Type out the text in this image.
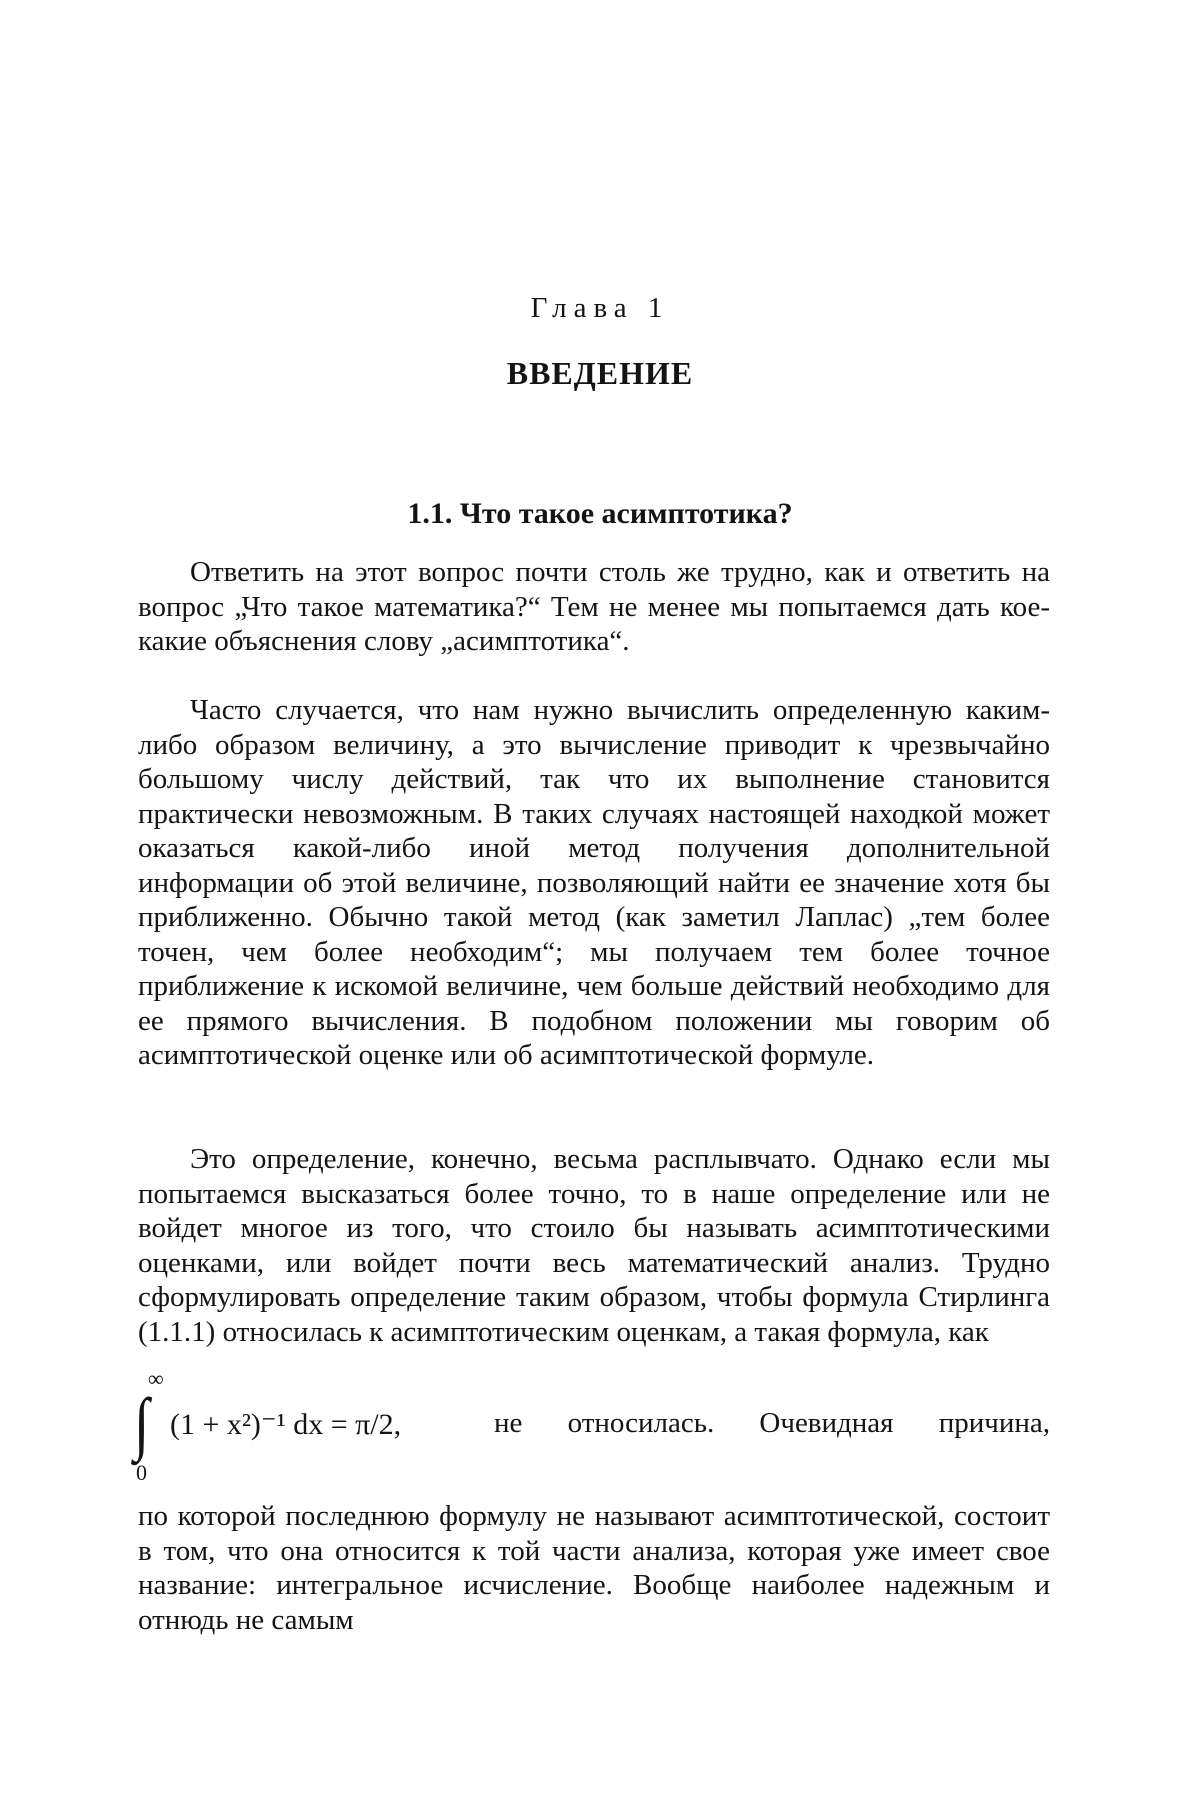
Глава 1
ВВЕДЕНИЕ
1.1. Что такое асимптотика?

Ответить на этот вопрос почти столь же трудно, как и ответить на вопрос „Что такое математика?“ Тем не менее мы попытаемся дать кое-какие объяснения слову „асимптотика“.

Часто случается, что нам нужно вычислить определенную каким-либо образом величину, а это вычисление приводит к чрезвычайно большому числу действий, так что их выполнение становится практически невозможным. В таких случаях настоящей находкой может оказаться какой-либо иной метод получения дополнительной информации об этой величине, позволяющий найти ее значение хотя бы приближенно. Обычно такой метод (как заметил Лаплас) „тем более точен, чем более необходим“; мы получаем тем более точное приближение к искомой величине, чем больше действий необходимо для ее прямого вычисления. В подобном положении мы говорим об асимптотической оценке или об асимптотической формуле.

Это определение, конечно, весьма расплывчато. Однако если мы попытаемся высказаться более точно, то в наше определение или не войдет многое из того, что стоило бы называть асимптотическими оценками, или войдет почти весь математический анализ. Трудно сформулировать определение таким образом, чтобы формула Стирлинга (1.1.1) относилась к асимптотическим оценкам, а такая формула, как

∞
∫
0
(1 + x²)⁻¹ dx = π/2,	не относилась. Очевидная причина,

по которой последнюю формулу не называют асимптотической, состоит в том, что она относится к той части анализа, которая уже имеет свое название: интегральное исчисление. Вообще наиболее надежным и отнюдь не самым
